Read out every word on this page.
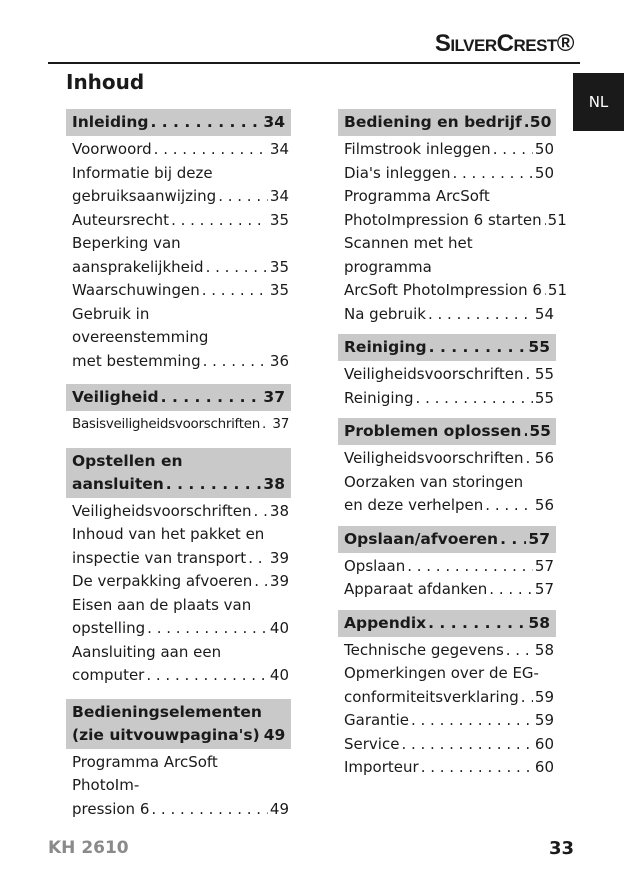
SilverCrest®
NL
Inhoud
Inleiding . . .	34
Voorwoord . . .	34
Informatie bij deze
gebruiksaanwijzing . . .	34
Auteursrecht . . .	35
Beperking van
aansprakelijkheid . . .	35
Waarschuwingen . . .	35
Gebruik in overeenstemming
met bestemming . . .	36
Veiligheid . . .	37
Basisveiligheidsvoorschriften . . . 37
Opstellen en
aansluiten . . .	38
Veiligheidsvoorschriften . . . 38
Inhoud van het pakket en
inspectie van transport . . . 39
De verpakking afvoeren . . . 39
Eisen aan de plaats van
opstelling . . .	40
Aansluiting aan een
computer . . .	40
Bedieningselementen
(zie uitvouwpagina's) 49
Programma ArcSoft PhotoIm-
pression 6 . . .	49
Bediening en bedrijf . . . 50
Filmstrook inleggen . . .	50
Dia's inleggen . . .	50
Programma ArcSoft
PhotoImpression 6 starten . . . 51
Scannen met het programma
ArcSoft PhotoImpression 6 . . . 51
Na gebruik . . .	54
Reiniging . . .	55
Veiligheidsvoorschriften . . . 55
Reiniging . . .	55
Problemen oplossen . . . 55
Veiligheidsvoorschriften . . . 56
Oorzaken van storingen
en deze verhelpen . . .	56
Opslaan/afvoeren . . . 57
Opslaan . . .	57
Apparaat afdanken . . .	57
Appendix . . .	58
Technische gegevens . . . 58
Opmerkingen over de EG-
conformiteitsverklaring . . . 59
Garantie . . .	59
Service . . .	60
Importeur . . .	60
KH 2610	33
